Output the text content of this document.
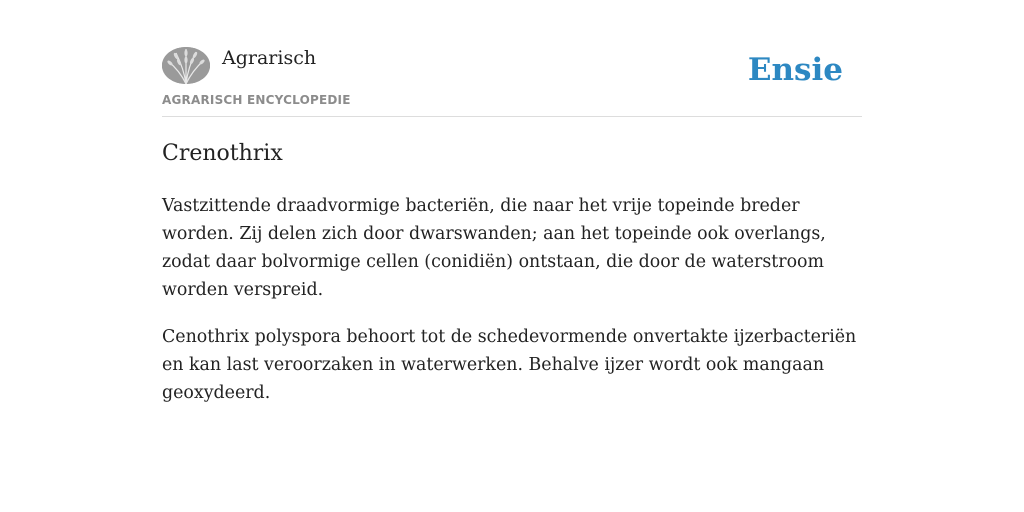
Agrarisch
AGRARISCH ENCYCLOPEDIE
Ensie
Crenothrix

Vastzittende draadvormige bacteriën, die naar het vrije topeinde breder worden. Zij delen zich door dwarswanden; aan het topeinde ook overlangs, zodat daar bolvormige cellen (conidiën) ontstaan, die door de waterstroom worden verspreid.

Cenothrix polyspora behoort tot de schedevormende onvertakte ijzerbacteriën en kan last veroorzaken in waterwerken. Behalve ijzer wordt ook mangaan geoxydeerd.
